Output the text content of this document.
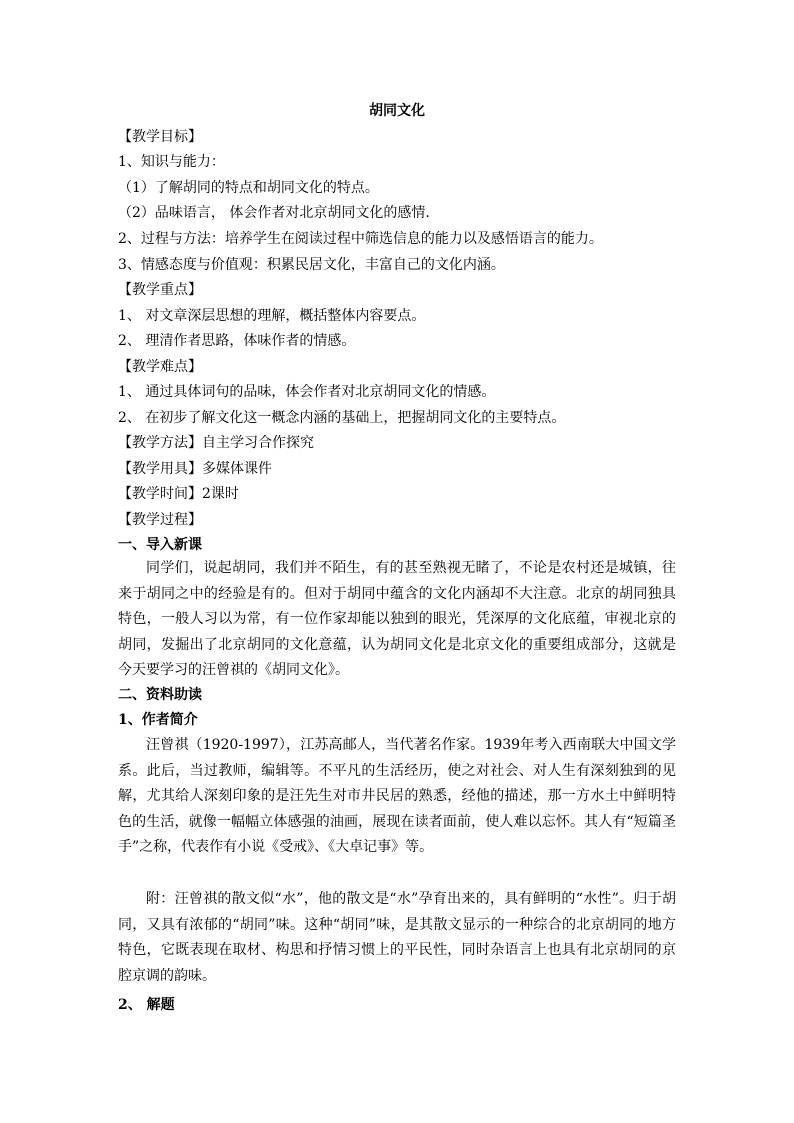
胡同文化
【教学目标】
1、知识与能力：
（1）了解胡同的特点和胡同文化的特点。
（2）品味语言， 体会作者对北京胡同文化的感情.
2、过程与方法：培养学生在阅读过程中筛选信息的能力以及感悟语言的能力。
3、情感态度与价值观：积累民居文化，丰富自己的文化内涵。
【教学重点】
1、 对文章深层思想的理解，概括整体内容要点。
2、 理清作者思路，体味作者的情感。
【教学难点】
1、 通过具体词句的品味，体会作者对北京胡同文化的情感。
2、 在初步了解文化这一概念内涵的基础上，把握胡同文化的主要特点。
【教学方法】自主学习合作探究
【教学用具】多媒体课件
【教学时间】2课时
【教学过程】
一、导入新课

同学们，说起胡同，我们并不陌生，有的甚至熟视无睹了，不论是农村还是城镇，往来于胡同之中的经验是有的。但对于胡同中蕴含的文化内涵却不大注意。北京的胡同独具特色，一般人习以为常，有一位作家却能以独到的眼光，凭深厚的文化底蕴，审视北京的胡同，发掘出了北京胡同的文化意蕴，认为胡同文化是北京文化的重要组成部分，这就是今天要学习的汪曾祺的《胡同文化》。

二、资料助读
1、作者简介

汪曾祺（1920-1997），江苏高邮人，当代著名作家。1939年考入西南联大中国文学系。此后，当过教师，编辑等。不平凡的生活经历，使之对社会、对人生有深刻独到的见解，尤其给人深刻印象的是汪先生对市井民居的熟悉，经他的描述，那一方水土中鲜明特色的生活，就像一幅幅立体感强的油画，展现在读者面前，使人难以忘怀。其人有“短篇圣手”之称，代表作有小说《受戒》、《大卓记事》等。

附：汪曾祺的散文似“水”，他的散文是“水”孕育出来的，具有鲜明的“水性”。归于胡同，又具有浓郁的“胡同”味。这种“胡同”味，是其散文显示的一种综合的北京胡同的地方特色，它既表现在取材、构思和抒情习惯上的平民性，同时杂语言上也具有北京胡同的京腔京调的韵味。

2、 解题
